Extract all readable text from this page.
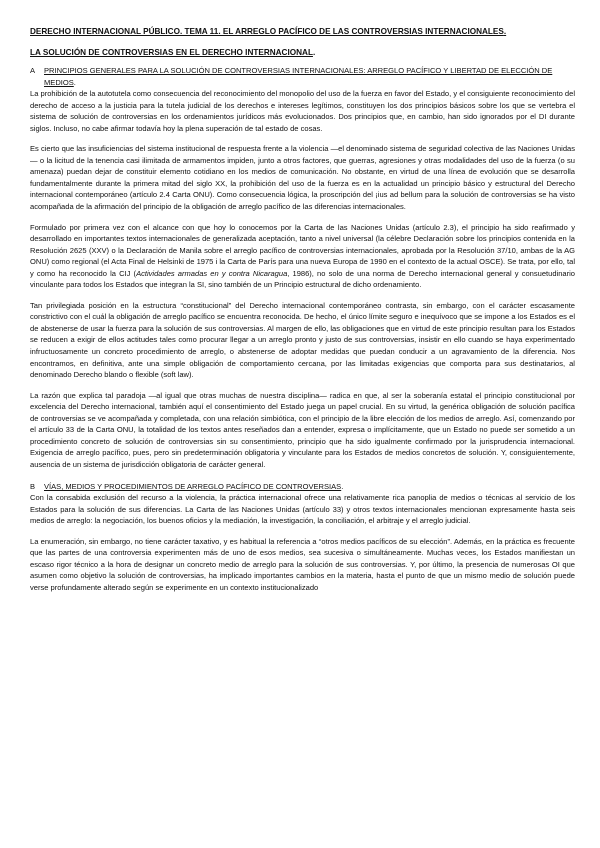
DERECHO INTERNACIONAL PÚBLICO. TEMA 11. EL ARREGLO PACÍFICO DE LAS CONTROVERSIAS INTERNACIONALES.

LA SOLUCIÓN DE CONTROVERSIAS EN EL DERECHO INTERNACIONAL.

A PRINCIPIOS GENERALES PARA LA SOLUCIÓN DE CONTROVERSIAS INTERNACIONALES: ARREGLO PACÍFICO Y LIBERTAD DE ELECCIÓN DE MEDIOS.

La prohibición de la autotutela como consecuencia del reconocimiento del monopolio del uso de la fuerza en favor del Estado, y el consiguiente reconocimiento del derecho de acceso a la justicia para la tutela judicial de los derechos e intereses legítimos, constituyen los dos principios básicos sobre los que se vertebra el sistema de solución de controversias en los ordenamientos jurídicos más evolucionados. Dos principios que, en cambio, han sido ignorados por el DI durante siglos. Incluso, no cabe afirmar todavía hoy la plena superación de tal estado de cosas.

Es cierto que las insuficiencias del sistema institucional de respuesta frente a la violencia —el denominado sistema de seguridad colectiva de las Naciones Unidas— o la licitud de la tenencia casi ilimitada de armamentos impiden, junto a otros factores, que guerras, agresiones y otras modalidades del uso de la fuerza (o su amenaza) puedan dejar de constituir elemento cotidiano en los medios de comunicación. No obstante, en virtud de una línea de evolución que se desarrolla fundamentalmente durante la primera mitad del siglo XX, la prohibición del uso de la fuerza es en la actualidad un principio básico y estructural del Derecho internacional contemporáneo (artículo 2.4 Carta ONU). Como consecuencia lógica, la proscripción del ¡ius ad bellum para la solución de controversias se ha visto acompañada de la afirmación del principio de la obligación de arreglo pacífico de las diferencias internacionales.

Formulado por primera vez con el alcance con que hoy lo conocemos por la Carta de las Naciones Unidas (artículo 2.3), el principio ha sido reafirmado y desarrollado en importantes textos internacionales de generalizada aceptación, tanto a nivel universal (la célebre Declaración sobre los principios contenida en la Resolución 2625 (XXV) o la Declaración de Manila sobre el arreglo pacífico de controversias internacionales, aprobada por la Resolución 37/10, ambas de la AG ONU) como regional (el Acta Final de Helsinki de 1975 i la Carta de París para una nueva Europa de 1990 en el contexto de la actual OSCE). Se trata, por ello, tal y como ha reconocido la CIJ (Actividades armadas en y contra Nicaragua, 1986), no solo de una norma de Derecho internacional general y consuetudinario vinculante para todos los Estados que integran la SI, sino también de un Principio estructural de dicho ordenamiento.

Tan privilegiada posición en la estructura “constitucional” del Derecho internacional contemporáneo contrasta, sin embargo, con el carácter escasamente constrictivo con el cuál la obligación de arreglo pacífico se encuentra reconocida. De hecho, el único límite seguro e inequívoco que se impone a los Estados es el de abstenerse de usar la fuerza para la solución de sus controversias. Al margen de ello, las obligaciones que en virtud de este principio resultan para los Estados se reducen a exigir de ellos actitudes tales como procurar llegar a un arreglo pronto y justo de sus controversias, insistir en ello cuando se haya experimentado infructuosamente un concreto procedimiento de arreglo, o abstenerse de adoptar medidas que puedan conducir a un agravamiento de la diferencia. Nos encontramos, en definitiva, ante una simple obligación de comportamiento cercana, por las limitadas exigencias que comporta para sus destinatarios, al denominado Derecho blando o flexible (soft law).

La razón que explica tal paradoja —al igual que otras muchas de nuestra disciplina— radica en que, al ser la soberanía estatal el principio constitucional por excelencia del Derecho internacional, también aquí el consentimiento del Estado juega un papel crucial. En su virtud, la genérica obligación de solución pacífica de controversias se ve acompañada y completada, con una relación simbiótica, con el principio de la libre elección de los medios de arreglo. Así, comenzando por el artículo 33 de la Carta ONU, la totalidad de los textos antes reseñados dan a entender, expresa o implícitamente, que un Estado no puede ser sometido a un procedimiento concreto de solución de controversias sin su consentimiento, principio que ha sido igualmente confirmado por la jurisprudencia internacional. Exigencia de arreglo pacífico, pues, pero sin predeterminación obligatoria y vinculante para los Estados de medios concretos de solución. Y, consiguientemente, ausencia de un sistema de jurisdicción obligatoria de carácter general.

B VÍAS, MEDIOS Y PROCEDIMIENTOS DE ARREGLO PACÍFICO DE CONTROVERSIAS.

Con la consabida exclusión del recurso a la violencia, la práctica internacional ofrece una relativamente rica panoplia de medios o técnicas al servicio de los Estados para la solución de sus diferencias. La Carta de las Naciones Unidas (artículo 33) y otros textos internacionales mencionan expresamente hasta seis medios de arreglo: la negociación, los buenos oficios y la mediación, la investigación, la conciliación, el arbitraje y el arreglo judicial.

La enumeración, sin embargo, no tiene carácter taxativo, y es habitual la referencia a “otros medios pacíficos de su elección”. Además, en la práctica es frecuente que las partes de una controversia experimenten más de uno de esos medios, sea sucesiva o simultáneamente. Muchas veces, los Estados manifiestan un escaso rigor técnico a la hora de designar un concreto medio de arreglo para la solución de sus controversias. Y, por último, la presencia de numerosas OI que asumen como objetivo la solución de controversias, ha implicado importantes cambios en la materia, hasta el punto de que un mismo medio de solución puede verse profundamente alterado según se experimente en un contexto institucionalizado
